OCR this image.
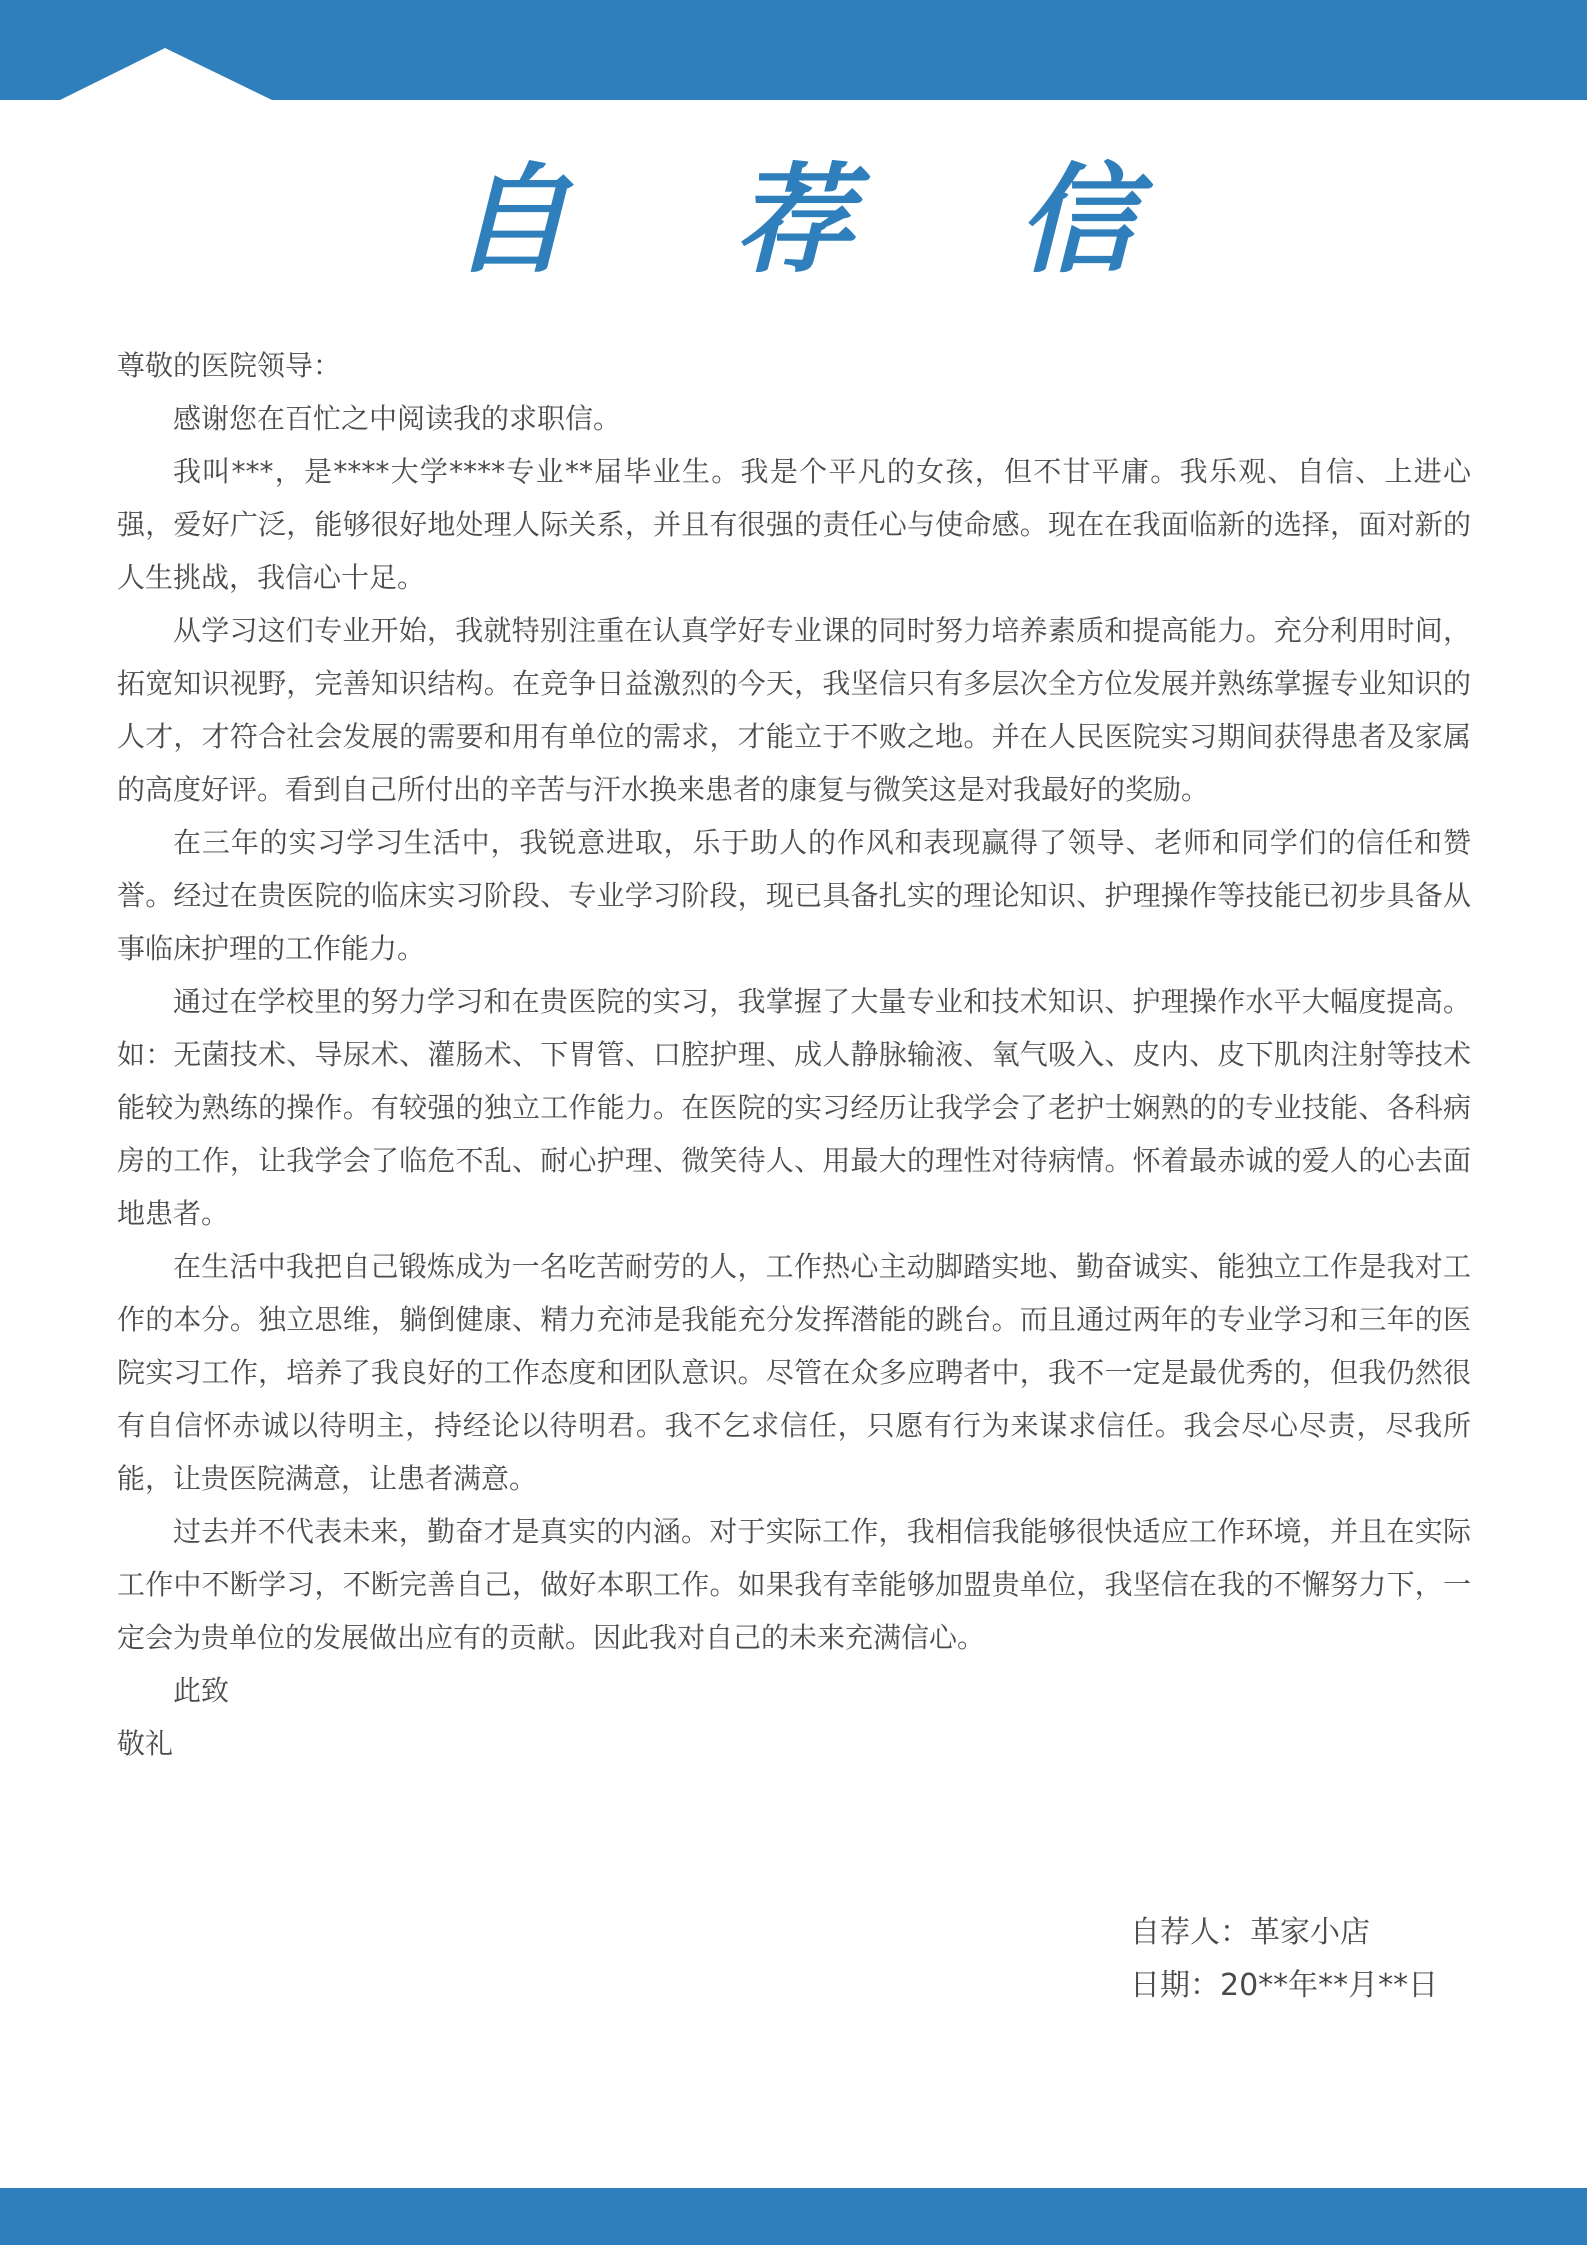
自 荐 信

尊敬的医院领导：

感谢您在百忙之中阅读我的求职信。

我叫***，是****大学****专业**届毕业生。我是个平凡的女孩，但不甘平庸。我乐观、自信、上进心强，爱好广泛，能够很好地处理人际关系，并且有很强的责任心与使命感。现在在我面临新的选择，面对新的人生挑战，我信心十足。

从学习这们专业开始，我就特别注重在认真学好专业课的同时努力培养素质和提高能力。充分利用时间，拓宽知识视野，完善知识结构。在竞争日益激烈的今天，我坚信只有多层次全方位发展并熟练掌握专业知识的人才，才符合社会发展的需要和用有单位的需求，才能立于不败之地。并在人民医院实习期间获得患者及家属的高度好评。看到自己所付出的辛苦与汗水换来患者的康复与微笑这是对我最好的奖励。

在三年的实习学习生活中，我锐意进取，乐于助人的作风和表现赢得了领导、老师和同学们的信任和赞誉。经过在贵医院的临床实习阶段、专业学习阶段，现已具备扎实的理论知识、护理操作等技能已初步具备从事临床护理的工作能力。

通过在学校里的努力学习和在贵医院的实习，我掌握了大量专业和技术知识、护理操作水平大幅度提高。如：无菌技术、导尿术、灌肠术、下胃管、口腔护理、成人静脉输液、氧气吸入、皮内、皮下肌肉注射等技术能较为熟练的操作。有较强的独立工作能力。在医院的实习经历让我学会了老护士娴熟的的专业技能、各科病房的工作，让我学会了临危不乱、耐心护理、微笑待人、用最大的理性对待病情。怀着最赤诚的爱人的心去面地患者。

在生活中我把自己锻炼成为一名吃苦耐劳的人，工作热心主动脚踏实地、勤奋诚实、能独立工作是我对工作的本分。独立思维，躺倒健康、精力充沛是我能充分发挥潜能的跳台。而且通过两年的专业学习和三年的医院实习工作，培养了我良好的工作态度和团队意识。尽管在众多应聘者中，我不一定是最优秀的，但我仍然很有自信怀赤诚以待明主，持经论以待明君。我不乞求信任，只愿有行为来谋求信任。我会尽心尽责，尽我所能，让贵医院满意，让患者满意。

过去并不代表未来，勤奋才是真实的内涵。对于实际工作，我相信我能够很快适应工作环境，并且在实际工作中不断学习，不断完善自己，做好本职工作。如果我有幸能够加盟贵单位，我坚信在我的不懈努力下，一定会为贵单位的发展做出应有的贡献。因此我对自己的未来充满信心。

此致

敬礼

自荐人：革家小店
日期：20**年**月**日
